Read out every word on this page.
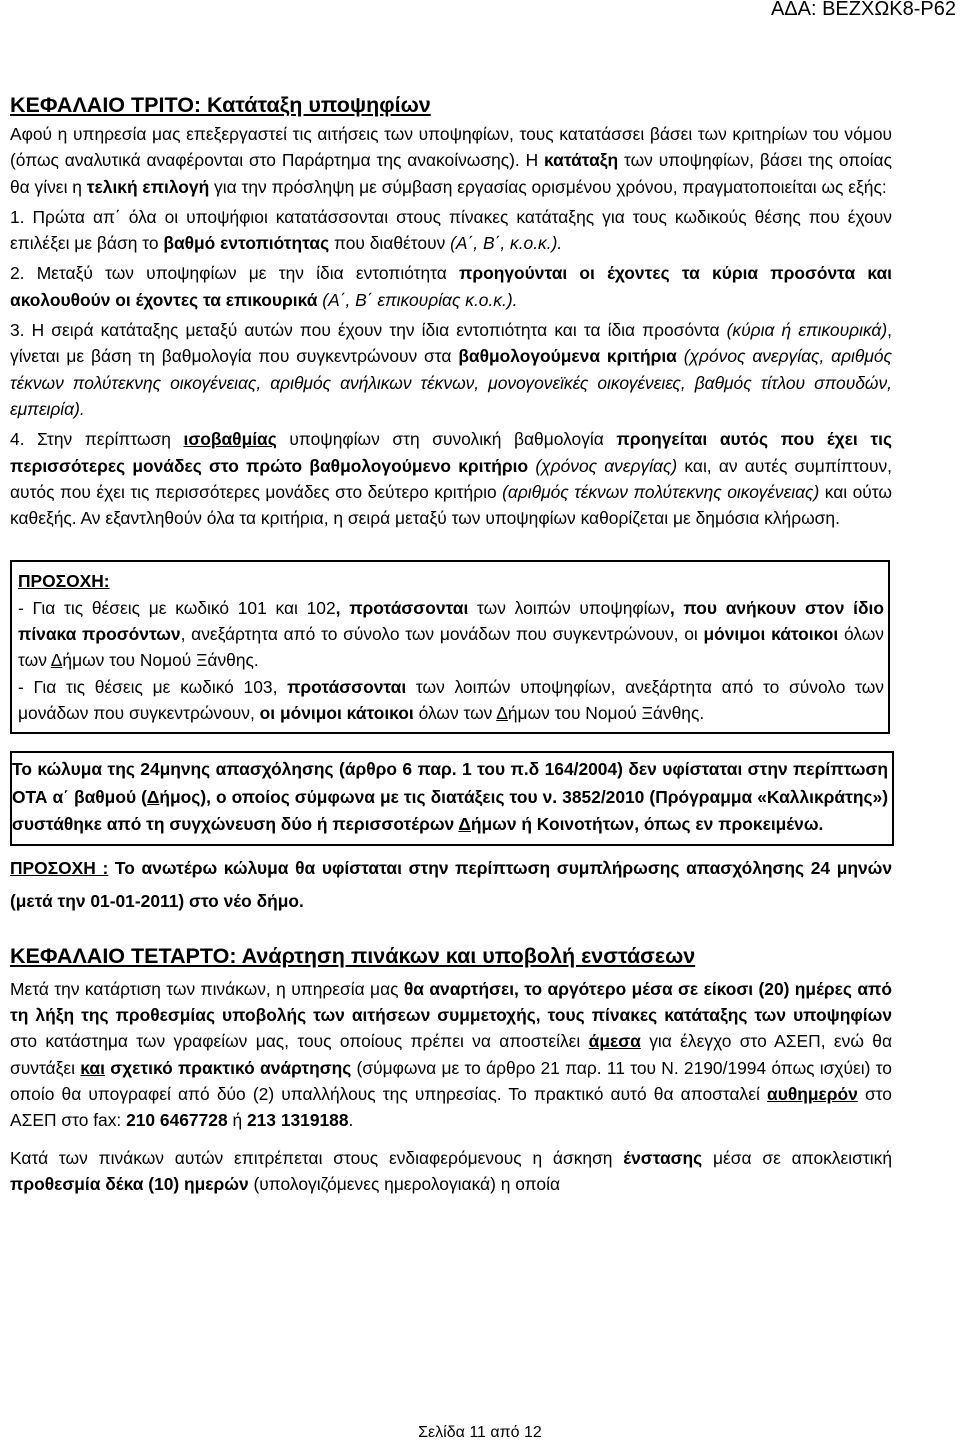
ΑΔΑ: ΒΕΖΧΩΚ8-Ρ62
ΚΕΦΑΛΑΙΟ ΤΡΙΤΟ: Κατάταξη υποψηφίων

Αφού η υπηρεσία μας επεξεργαστεί τις αιτήσεις των υποψηφίων, τους κατατάσσει βάσει των κριτηρίων του νόμου (όπως αναλυτικά αναφέρονται στο Παράρτημα της ανακοίνωσης). Η κατάταξη των υποψηφίων, βάσει της οποίας θα γίνει η τελική επιλογή για την πρόσληψη με σύμβαση εργασίας ορισμένου χρόνου, πραγματοποιείται ως εξής:

1. Πρώτα απ΄ όλα οι υποψήφιοι κατατάσσονται στους πίνακες κατάταξης για τους κωδικούς θέσης που έχουν επιλέξει με βάση το βαθμό εντοπιότητας που διαθέτουν (Α΄, Β΄, κ.ο.κ.).

2. Μεταξύ των υποψηφίων με την ίδια εντοπιότητα προηγούνται οι έχοντες τα κύρια προσόντα και ακολουθούν οι έχοντες τα επικουρικά (Α΄, Β΄ επικουρίας κ.ο.κ.).

3. Η σειρά κατάταξης μεταξύ αυτών που έχουν την ίδια εντοπιότητα και τα ίδια προσόντα (κύρια ή επικουρικά), γίνεται με βάση τη βαθμολογία που συγκεντρώνουν στα βαθμολογούμενα κριτήρια (χρόνος ανεργίας, αριθμός τέκνων πολύτεκνης οικογένειας, αριθμός ανήλικων τέκνων, μονογονεϊκές οικογένειες, βαθμός τίτλου σπουδών, εμπειρία).

4. Στην περίπτωση ισοβαθμίας υποψηφίων στη συνολική βαθμολογία προηγείται αυτός που έχει τις περισσότερες μονάδες στο πρώτο βαθμολογούμενο κριτήριο (χρόνος ανεργίας) και, αν αυτές συμπίπτουν, αυτός που έχει τις περισσότερες μονάδες στο δεύτερο κριτήριο (αριθμός τέκνων πολύτεκνης οικογένειας) και ούτω καθεξής. Αν εξαντληθούν όλα τα κριτήρια, η σειρά μεταξύ των υποψηφίων καθορίζεται με δημόσια κλήρωση.

ΠΡΟΣΟΧΗ:

- Για τις θέσεις με κωδικό 101 και 102, προτάσσονται των λοιπών υποψηφίων, που ανήκουν στον ίδιο πίνακα προσόντων, ανεξάρτητα από το σύνολο των μονάδων που συγκεντρώνουν, οι μόνιμοι κάτοικοι όλων των Δήμων του Νομού Ξάνθης.

- Για τις θέσεις με κωδικό 103, προτάσσονται των λοιπών υποψηφίων, ανεξάρτητα από το σύνολο των μονάδων που συγκεντρώνουν, οι μόνιμοι κάτοικοι όλων των Δήμων του Νομού Ξάνθης.

Το κώλυμα της 24μηνης απασχόλησης (άρθρο 6 παρ. 1 του π.δ 164/2004) δεν υφίσταται στην περίπτωση ΟΤΑ α΄ βαθμού (Δήμος), ο οποίος σύμφωνα με τις διατάξεις του ν. 3852/2010 (Πρόγραμμα «Καλλικράτης») συστάθηκε από τη συγχώνευση δύο ή περισσοτέρων Δήμων ή Κοινοτήτων, όπως εν προκειμένω.

ΠΡΟΣΟΧΗ : Το ανωτέρω κώλυμα θα υφίσταται στην περίπτωση συμπλήρωσης απασχόλησης 24 μηνών (μετά την 01-01-2011) στο νέο δήμο.

ΚΕΦΑΛΑΙΟ ΤΕΤΑΡΤΟ: Ανάρτηση πινάκων και υποβολή ενστάσεων

Μετά την κατάρτιση των πινάκων, η υπηρεσία μας θα αναρτήσει, το αργότερο μέσα σε είκοσι (20) ημέρες από τη λήξη της προθεσμίας υποβολής των αιτήσεων συμμετοχής, τους πίνακες κατάταξης των υποψηφίων στο κατάστημα των γραφείων μας, τους οποίους πρέπει να αποστείλει άμεσα για έλεγχο στο ΑΣΕΠ, ενώ θα συντάξει και σχετικό πρακτικό ανάρτησης (σύμφωνα με το άρθρο 21 παρ. 11 του Ν. 2190/1994 όπως ισχύει) το οποίο θα υπογραφεί από δύο (2) υπαλλήλους της υπηρεσίας. Το πρακτικό αυτό θα αποσταλεί αυθημερόν στο ΑΣΕΠ στο fax: 210 6467728 ή 213 1319188.

Κατά των πινάκων αυτών επιτρέπεται στους ενδιαφερόμενους η άσκηση ένστασης μέσα σε αποκλειστική προθεσμία δέκα (10) ημερών (υπολογιζόμενες ημερολογιακά) η οποία

Σελίδα 11 από 12
